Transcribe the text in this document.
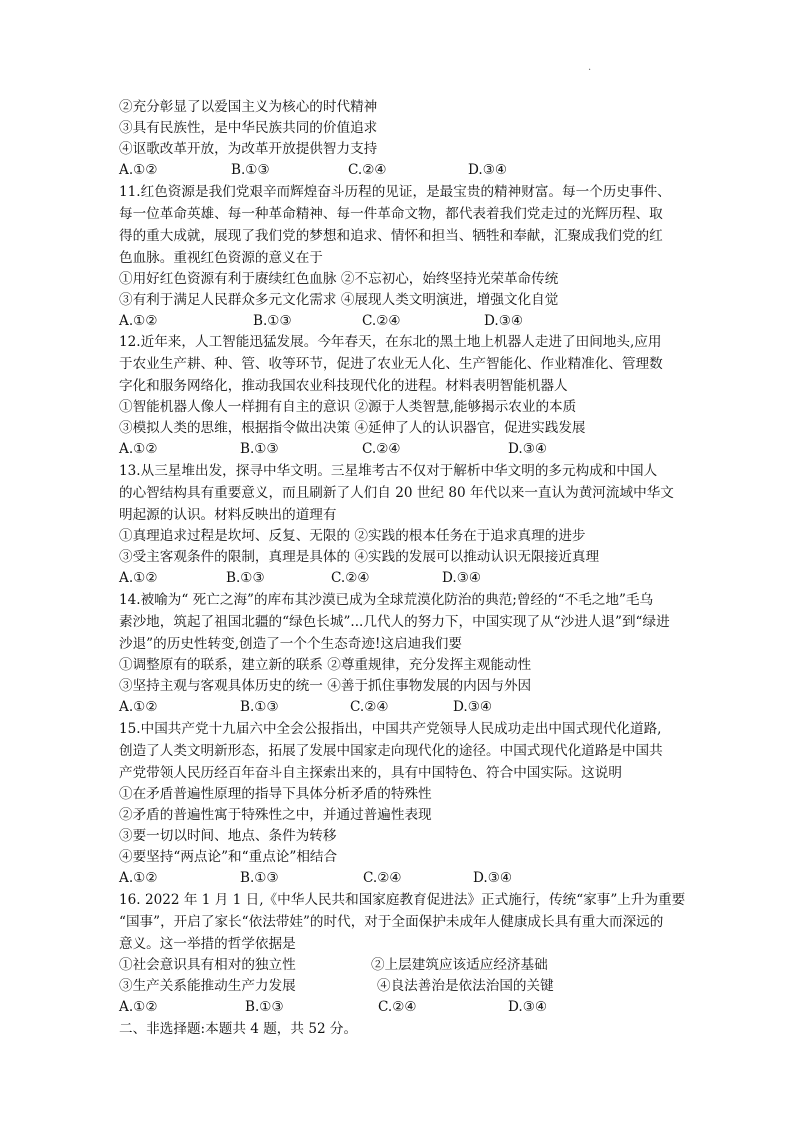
.
②充分彰显了以爱国主义为核心的时代精神
③具有民族性，是中华民族共同的价值追求
④讴歌改革开放，为改革开放提供智力支持
A.①②	B.①③	C.②④	D.③④
11.红色资源是我们党艰辛而辉煌奋斗历程的见证，是最宝贵的精神财富。每一个历史事件、
每一位革命英雄、每一种革命精神、每一件革命文物，都代表着我们党走过的光辉历程、取
得的重大成就，展现了我们党的梦想和追求、情怀和担当、牺牲和奉献，汇聚成我们党的红
色血脉。重视红色资源的意义在于
①用好红色资源有利于赓续红色血脉 ②不忘初心，始终坚持光荣革命传统
③有利于满足人民群众多元文化需求 ④展现人类文明演进，增强文化自觉
A.①②	B.①③	C.②④	D.③④
12.近年来，人工智能迅猛发展。今年春天，在东北的黑土地上机器人走进了田间地头,应用
于农业生产耕、种、管、收等环节，促进了农业无人化、生产智能化、作业精准化、管理数
字化和服务网络化，推动我国农业科技现代化的进程。材料表明智能机器人
①智能机器人像人一样拥有自主的意识 ②源于人类智慧,能够揭示农业的本质
③模拟人类的思维，根据指令做出决策 ④延伸了人的认识器官，促进实践发展
A.①②	B.①③	C.②④	D.③④
13.从三星堆出发，探寻中华文明。三星堆考古不仅对于解析中华文明的多元构成和中国人
的心智结构具有重要意义，而且刷新了人们自 20 世纪 80 年代以来一直认为黄河流域中华文
明起源的认识。材料反映出的道理有
①真理追求过程是坎坷、反复、无限的 ②实践的根本任务在于追求真理的进步
③受主客观条件的限制，真理是具体的 ④实践的发展可以推动认识无限接近真理
A.①②	B.①③	C.②④	D.③④
14.被喻为“ 死亡之海”的库布其沙漠已成为全球荒漠化防治的典范;曾经的“不毛之地”毛乌
素沙地，筑起了祖国北疆的“绿色长城”...几代人的努力下，中国实现了从“沙进人退”到“绿进
沙退”的历史性转变,创造了一个个生态奇迹!这启迪我们要
①调整原有的联系，建立新的联系 ②尊重规律，充分发挥主观能动性
③坚持主观与客观具体历史的统一 ④善于抓住事物发展的内因与外因
A.①②	B.①③	C.②④	D.③④
15.中国共产党十九届六中全会公报指出，中国共产党领导人民成功走出中国式现代化道路,
创造了人类文明新形态，拓展了发展中国家走向现代化的途径。中国式现代化道路是中国共
产党带领人民历经百年奋斗自主探索出来的，具有中国特色、符合中国实际。这说明
①在矛盾普遍性原理的指导下具体分析矛盾的特殊性
②矛盾的普遍性寓于特殊性之中，并通过普遍性表现
③要一切以时间、地点、条件为转移
④要坚持“两点论”和“重点论”相结合
A.①②	B.①③	C.②④	D.③④
16. 2022 年 1 月 1 日,《中华人民共和国家庭教育促进法》正式施行，传统“家事”上升为重要
“国事”，开启了家长“依法带娃”的时代，对于全面保护未成年人健康成长具有重大而深远的
意义。这一举措的哲学依据是
①社会意识具有相对的独立性	②上层建筑应该适应经济基础
③生产关系能推动生产力发展	④良法善治是依法治国的关键
A.①②	B.①③	C.②④	D.③④
二、非选择题:本题共 4 题，共 52 分。
